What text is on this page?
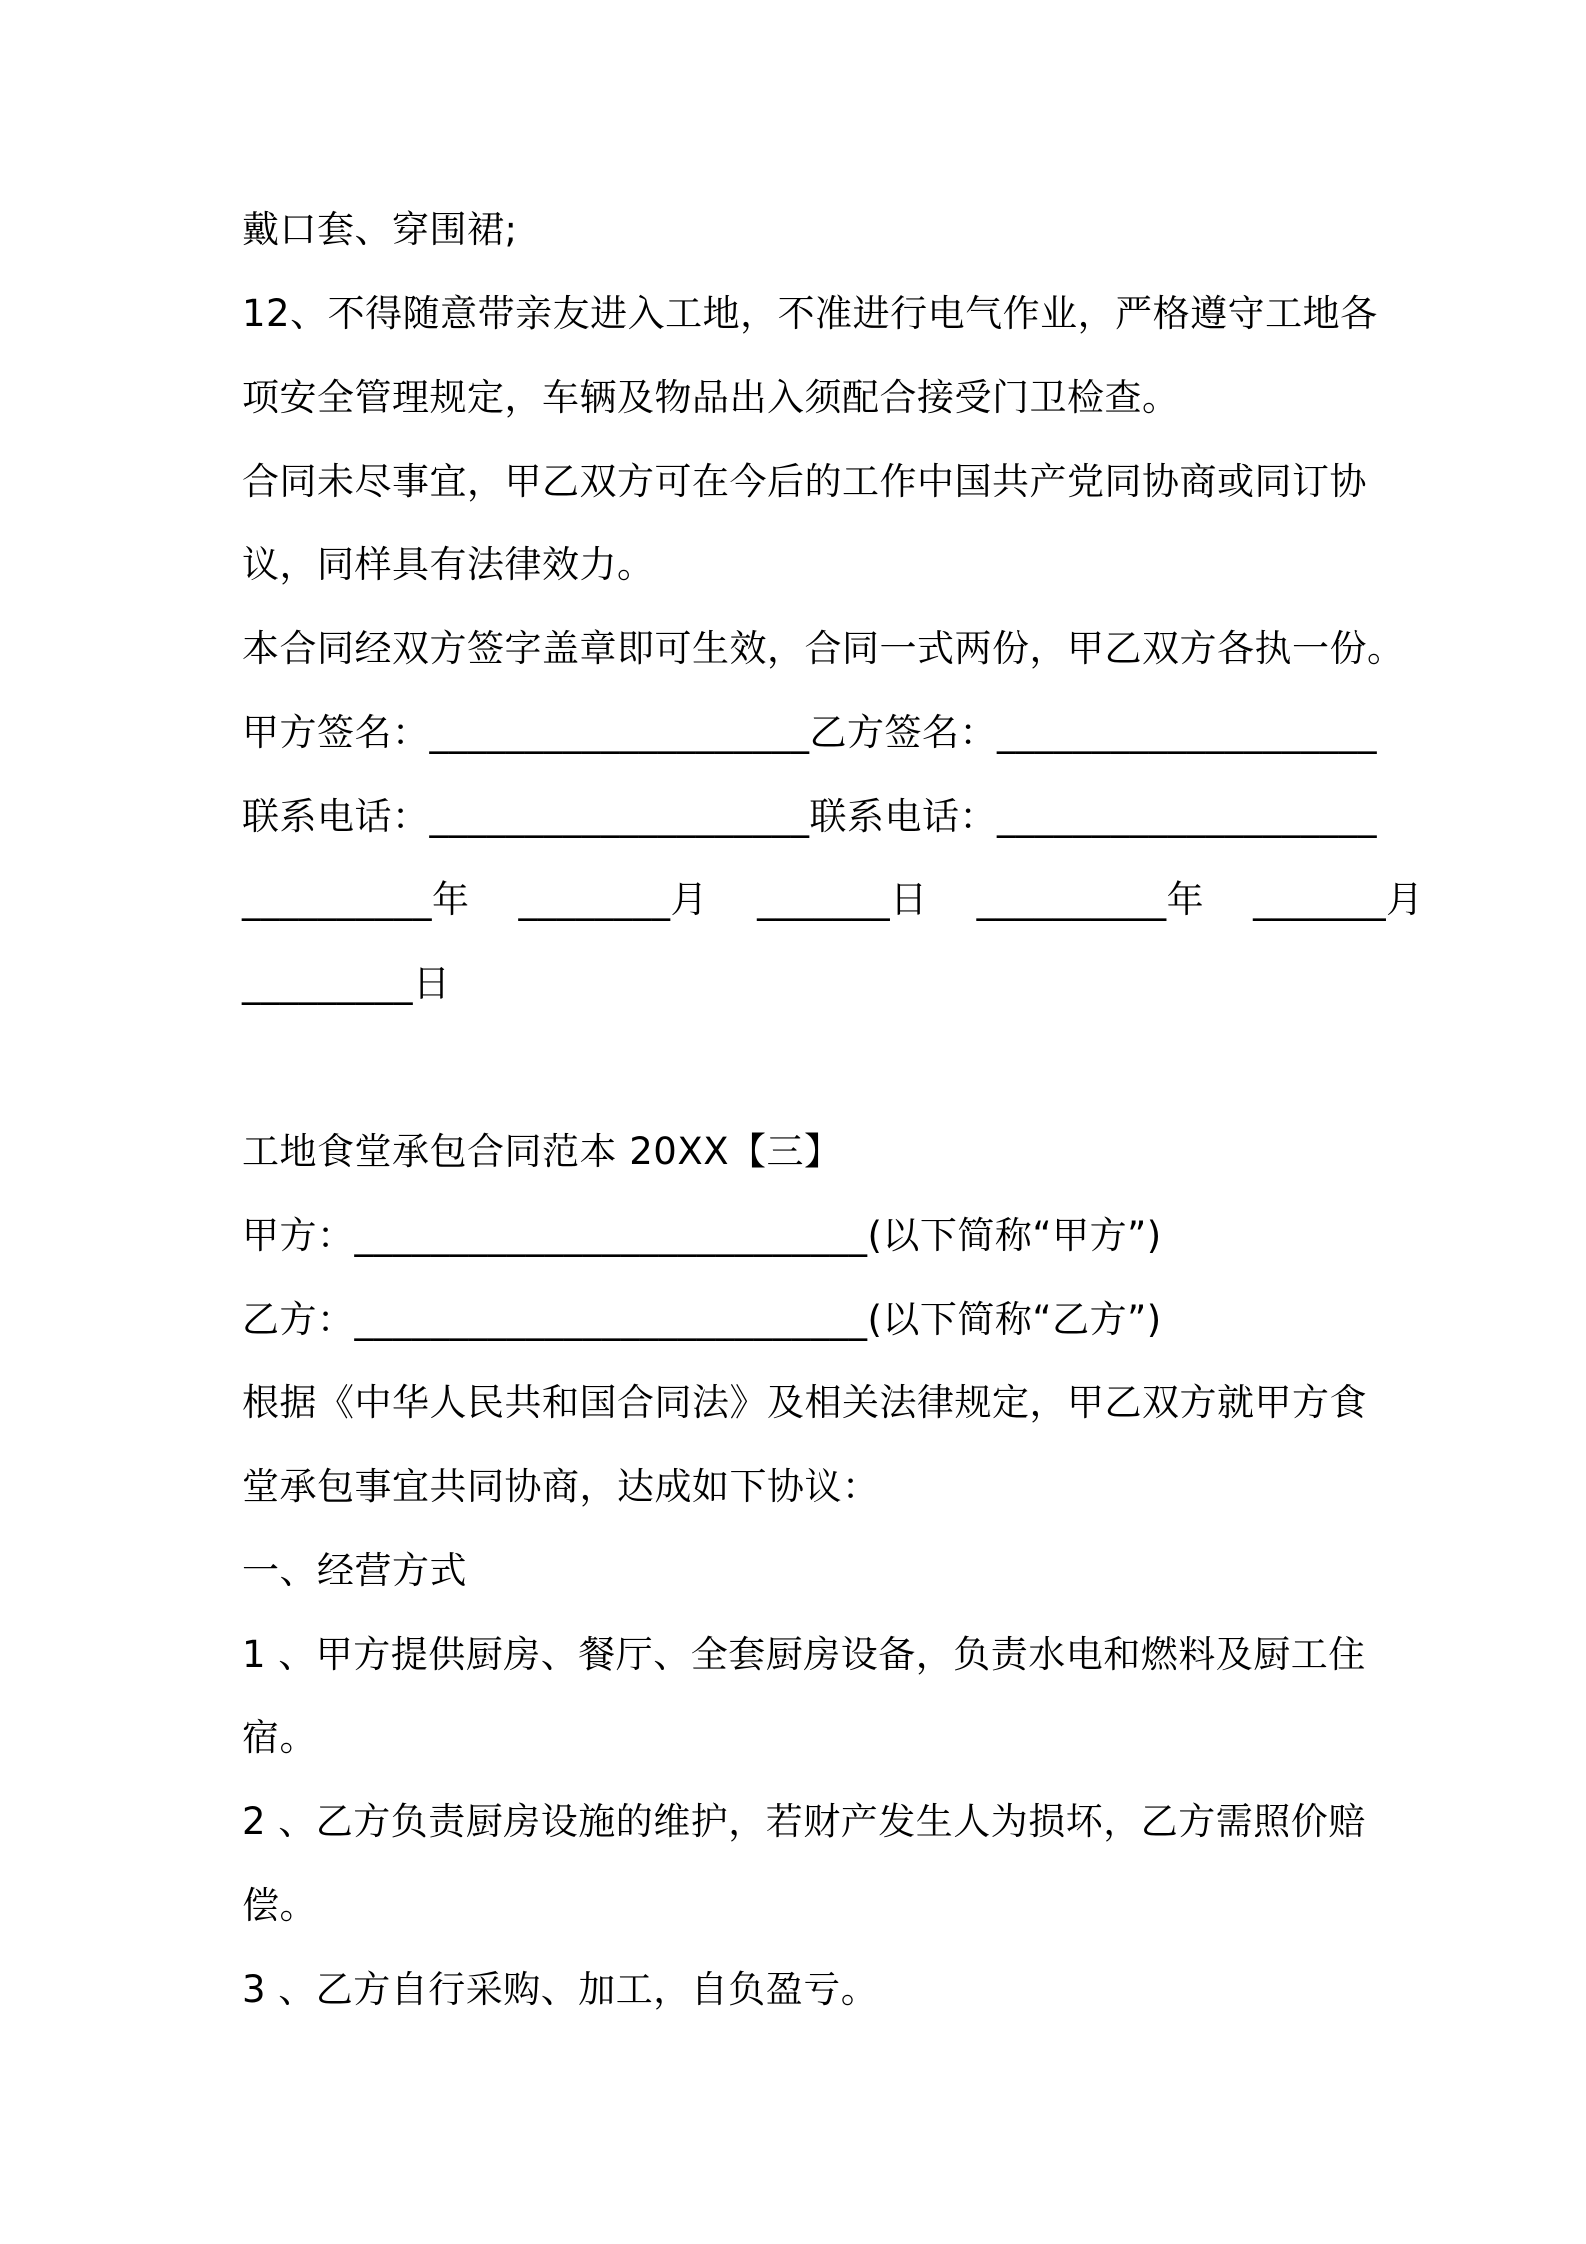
戴口套、穿围裙;
12、不得随意带亲友进入工地，不准进行电气作业，严格遵守工地各
项安全管理规定，车辆及物品出入须配合接受门卫检查。
合同未尽事宜，甲乙双方可在今后的工作中国共产党同协商或同订协
议，同样具有法律效力。
本合同经双方签字盖章即可生效，合同一式两份，甲乙双方各执一份。
甲方签名：____________________乙方签名：____________________
联系电话：____________________联系电话：____________________
__________年    ________月    _______日    __________年    _______月
_________日
工地食堂承包合同范本 20XX【三】
甲方：___________________________(以下简称“甲方”)
乙方：___________________________(以下简称“乙方”)
根据《中华人民共和国合同法》及相关法律规定，甲乙双方就甲方食
堂承包事宜共同协商，达成如下协议：
一、经营方式
1 、甲方提供厨房、餐厅、全套厨房设备，负责水电和燃料及厨工住
宿。
2 、乙方负责厨房设施的维护，若财产发生人为损坏，乙方需照价赔
偿。
3 、乙方自行采购、加工，自负盈亏。
